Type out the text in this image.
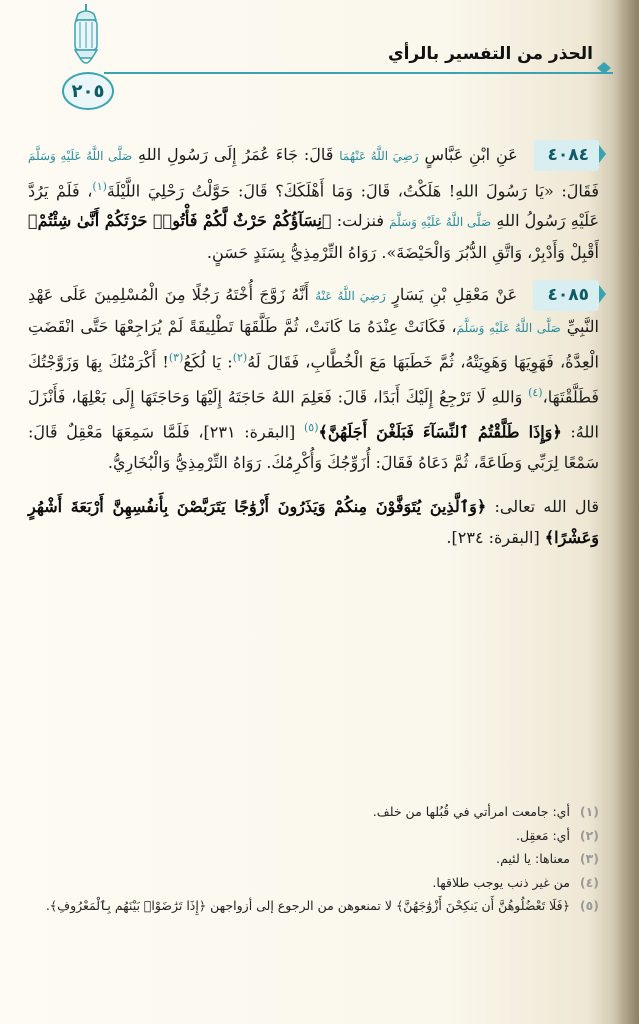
٢٠٥
الحذر من التفسير بالرأي

٤٠٨٤ عَنِ ابْنِ عَبَّاسٍ رَضِيَ اللَّهُ عَنْهُمَا قَالَ: جَاءَ عُمَرُ إِلَى رَسُولِ اللهِ صَلَّى اللَّهُ عَلَيْهِ وَسَلَّمَ فَقَالَ: «يَا رَسُولَ اللهِ! هَلَكْتُ، قَالَ: وَمَا أَهْلَكَكَ؟ قَالَ: حَوَّلْتُ رَحْلِيَ اللَّيْلَةَ$^{(١)}$، فَلَمْ يَرُدَّ عَلَيْهِ رَسُولُ اللهِ صَلَّى اللَّهُ عَلَيْهِ وَسَلَّمَ فنزلت: ﴿نِسَآؤُكُمْ حَرْثٌ لَّكُمْ فَأْتُوا۟ حَرْثَكُمْ أَنَّىٰ شِئْتُمْ﴾ أَقْبِلْ وَأَدْبِرْ، وَاتَّقِ الدُّبُرَ وَالْحَيْضَةَ». رَوَاهُ التِّرْمِذِيُّ بِسَنَدٍ حَسَنٍ.

٤٠٨٥ عَنْ مَعْقِلِ بْنِ يَسَارٍ رَضِيَ اللَّهُ عَنْهُ أَنَّهُ زَوَّجَ أُخْتَهُ رَجُلًا مِنَ الْمُسْلِمِينَ عَلَى عَهْدِ النَّبِيِّ صَلَّى اللَّهُ عَلَيْهِ وَسَلَّمَ، فَكَانَتْ عِنْدَهُ مَا كَانَتْ، ثُمَّ طَلَّقَهَا تَطْلِيقَةً لَمْ يُرَاجِعْهَا حَتَّى انْقَضَتِ الْعِدَّةُ، فَهَوِيَهَا وَهَوِيَتْهُ، ثُمَّ خَطَبَهَا مَعَ الْخُطَّابِ، فَقَالَ لَهُ$^{(٢)}$: يَا لُكَعُ$^{(٣)}$! أَكْرَمْتُكَ بِهَا وَزَوَّجْتُكَ فَطَلَّقْتَهَا،$^{(٤)}$ وَاللهِ لَا تَرْجِعُ إِلَيْكَ أَبَدًا، قَالَ: فَعَلِمَ اللهُ حَاجَتَهُ إِلَيْهَا وَحَاجَتَهَا إِلَى بَعْلِهَا، فَأَنْزَلَ اللهُ: ﴿وَإِذَا طَلَّقْتُمُ ٱلنِّسَآءَ فَبَلَغْنَ أَجَلَهُنَّ﴾$^{(٥)}$ [البقرة: ٢٣١]، فَلَمَّا سَمِعَهَا مَعْقِلٌ قَالَ: سَمْعًا لِرَبِّي وَطَاعَةً، ثُمَّ دَعَاهُ فَقَالَ: أُزَوِّجُكَ وَأُكْرِمُكَ. رَوَاهُ التِّرْمِذِيُّ وَالْبُخَارِيُّ.

قال الله تعالى: ﴿وَٱلَّذِينَ يُتَوَفَّوْنَ مِنكُمْ وَيَذَرُونَ أَزْوَٰجًا يَتَرَبَّصْنَ بِأَنفُسِهِنَّ أَرْبَعَةَ أَشْهُرٍ وَعَشْرًا﴾ [البقرة: ٢٣٤].

(١)
أي: جامعت امرأتي في قُبُلها من خلف.
(٢)
أي: مَعقِل.
(٣)
معناها: يا لئيم.
(٤)
من غير ذنب يوجب طلاقها.
(٥)
﴿فَلَا تَعْضُلُوهُنَّ أَن يَنكِحْنَ أَزْوَٰجَهُنَّ﴾ لا تمنعوهن من الرجوع إلى أزواجهن ﴿إِذَا تَرَٰضَوْا۟ بَيْنَهُم بِٱلْمَعْرُوفِ﴾.
